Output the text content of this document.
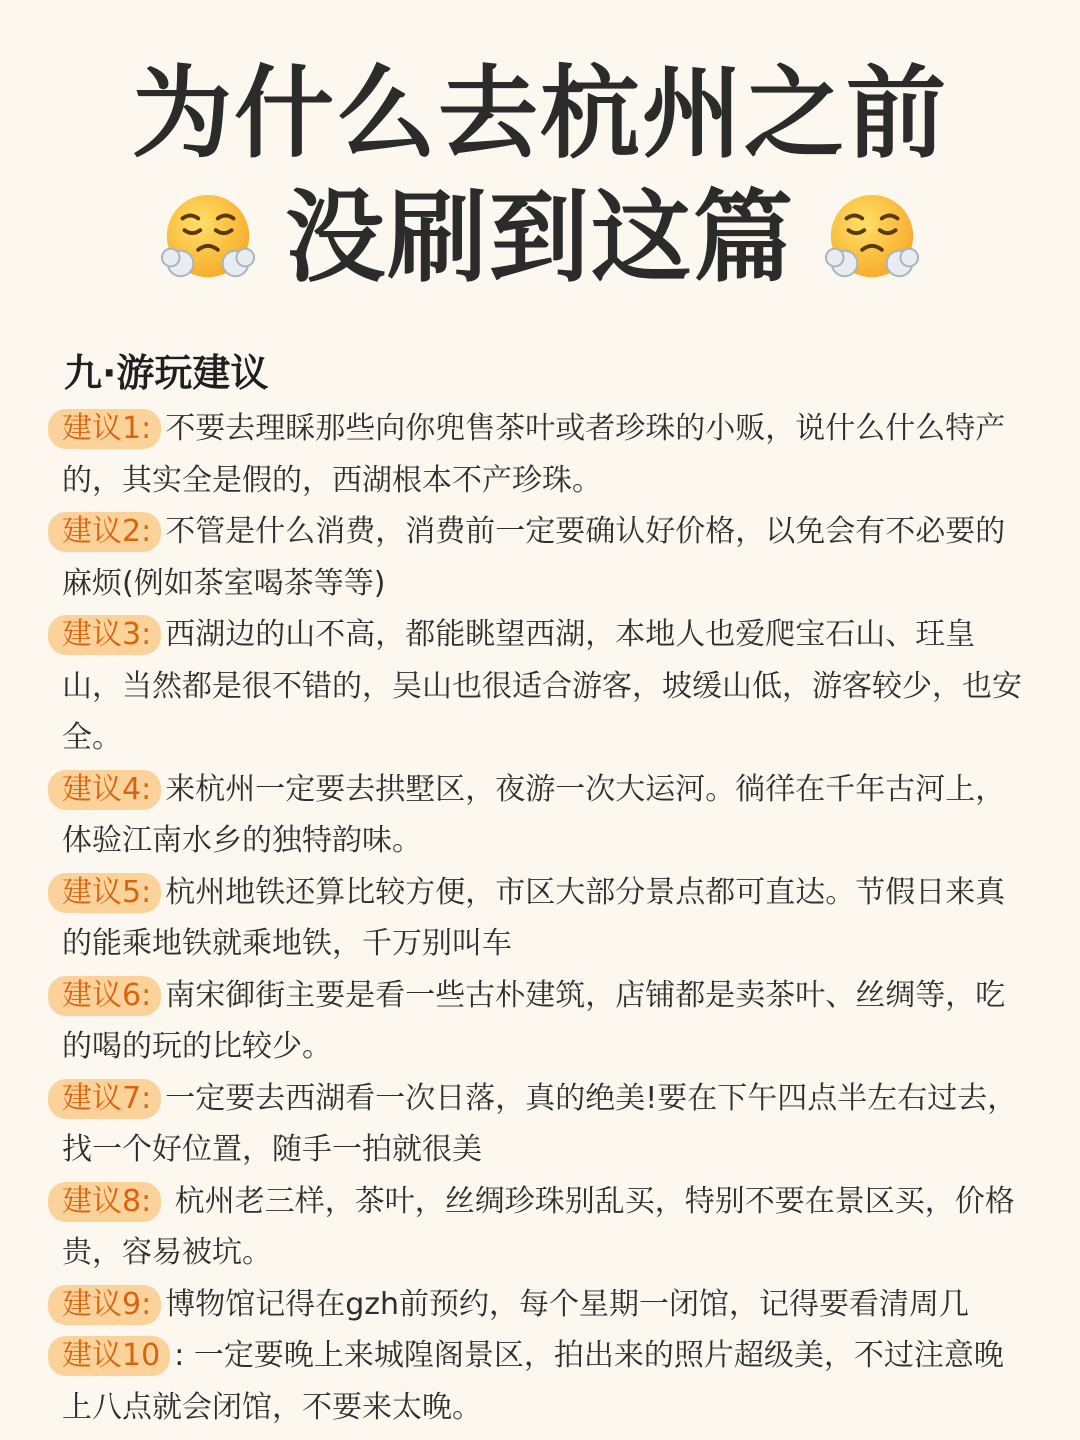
为什么去杭州之前
没刷到这篇
九·游玩建议

建议1: 不要去理睬那些向你兜售茶叶或者珍珠的小贩，说什么什么特产的，其实全是假的，西湖根本不产珍珠。

建议2: 不管是什么消费，消费前一定要确认好价格，以免会有不必要的麻烦(例如茶室喝茶等等)

建议3: 西湖边的山不高，都能眺望西湖，本地人也爱爬宝石山、玨皇山，当然都是很不错的，吴山也很适合游客，坡缓山低，游客较少，也安全。

建议4: 来杭州一定要去拱墅区，夜游一次大运河。徜徉在千年古河上，体验江南水乡的独特韵味。

建议5: 杭州地铁还算比较方便，市区大部分景点都可直达。节假日来真的能乘地铁就乘地铁，千万别叫车

建议6: 南宋御街主要是看一些古朴建筑，店铺都是卖茶叶、丝绸等，吃的喝的玩的比较少。

建议7: 一定要去西湖看一次日落，真的绝美!要在下午四点半左右过去，找一个好位置，随手一拍就很美

建议8: 杭州老三样，茶叶，丝绸珍珠别乱买，特别不要在景区买，价格贵，容易被坑。

建议9: 博物馆记得在gzh前预约，每个星期一闭馆，记得要看清周几

建议10 : 一定要晚上来城隍阁景区，拍出来的照片超级美，不过注意晚上八点就会闭馆，不要来太晚。
